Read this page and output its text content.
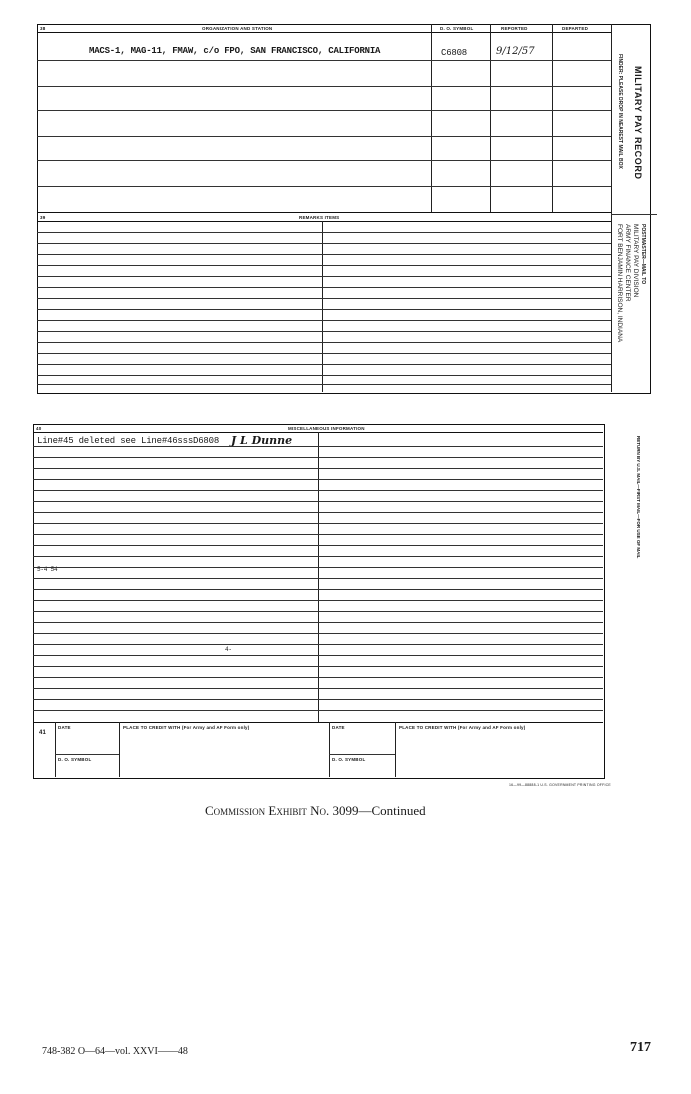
38	ORGANIZATION AND STATION	D. O. SYMBOL	REPORTED	DEPARTED
MACS-1, MAG-11, FMAW, c/o FPO, SAN FRANCISCO, CALIFORNIA	C6808	9/12/57
39	REMARKS ITEMS
MILITARY PAY RECORD
FINDER: PLEASE DROP IN NEAREST MAIL BOX
POSTMASTER—MAIL TO
MILITARY PAY DIVISION
ARMY FINANCE CENTER
FORT BENJAMIN HARRISON, INDIANA
40	MISCELLANEOUS INFORMATION
Line#45 deleted see Line#46sssD6808 J L Dunne
5-4 54
4-
41
DATE	PLACE TO CREDIT WITH (For Army and AF Form only)
D. O. SYMBOL
DATE	PLACE TO CREDIT WITH (For Army and AF Form only)
D. O. SYMBOL
RETURN BY U.S. MAIL—FIRST MAIL—FOR USE OF MAIL
16—99—88888-1 U.S. GOVERNMENT PRINTING OFFICE
Commission Exhibit No. 3099—Continued
748-382 O—64—vol. XXVI——48	717
